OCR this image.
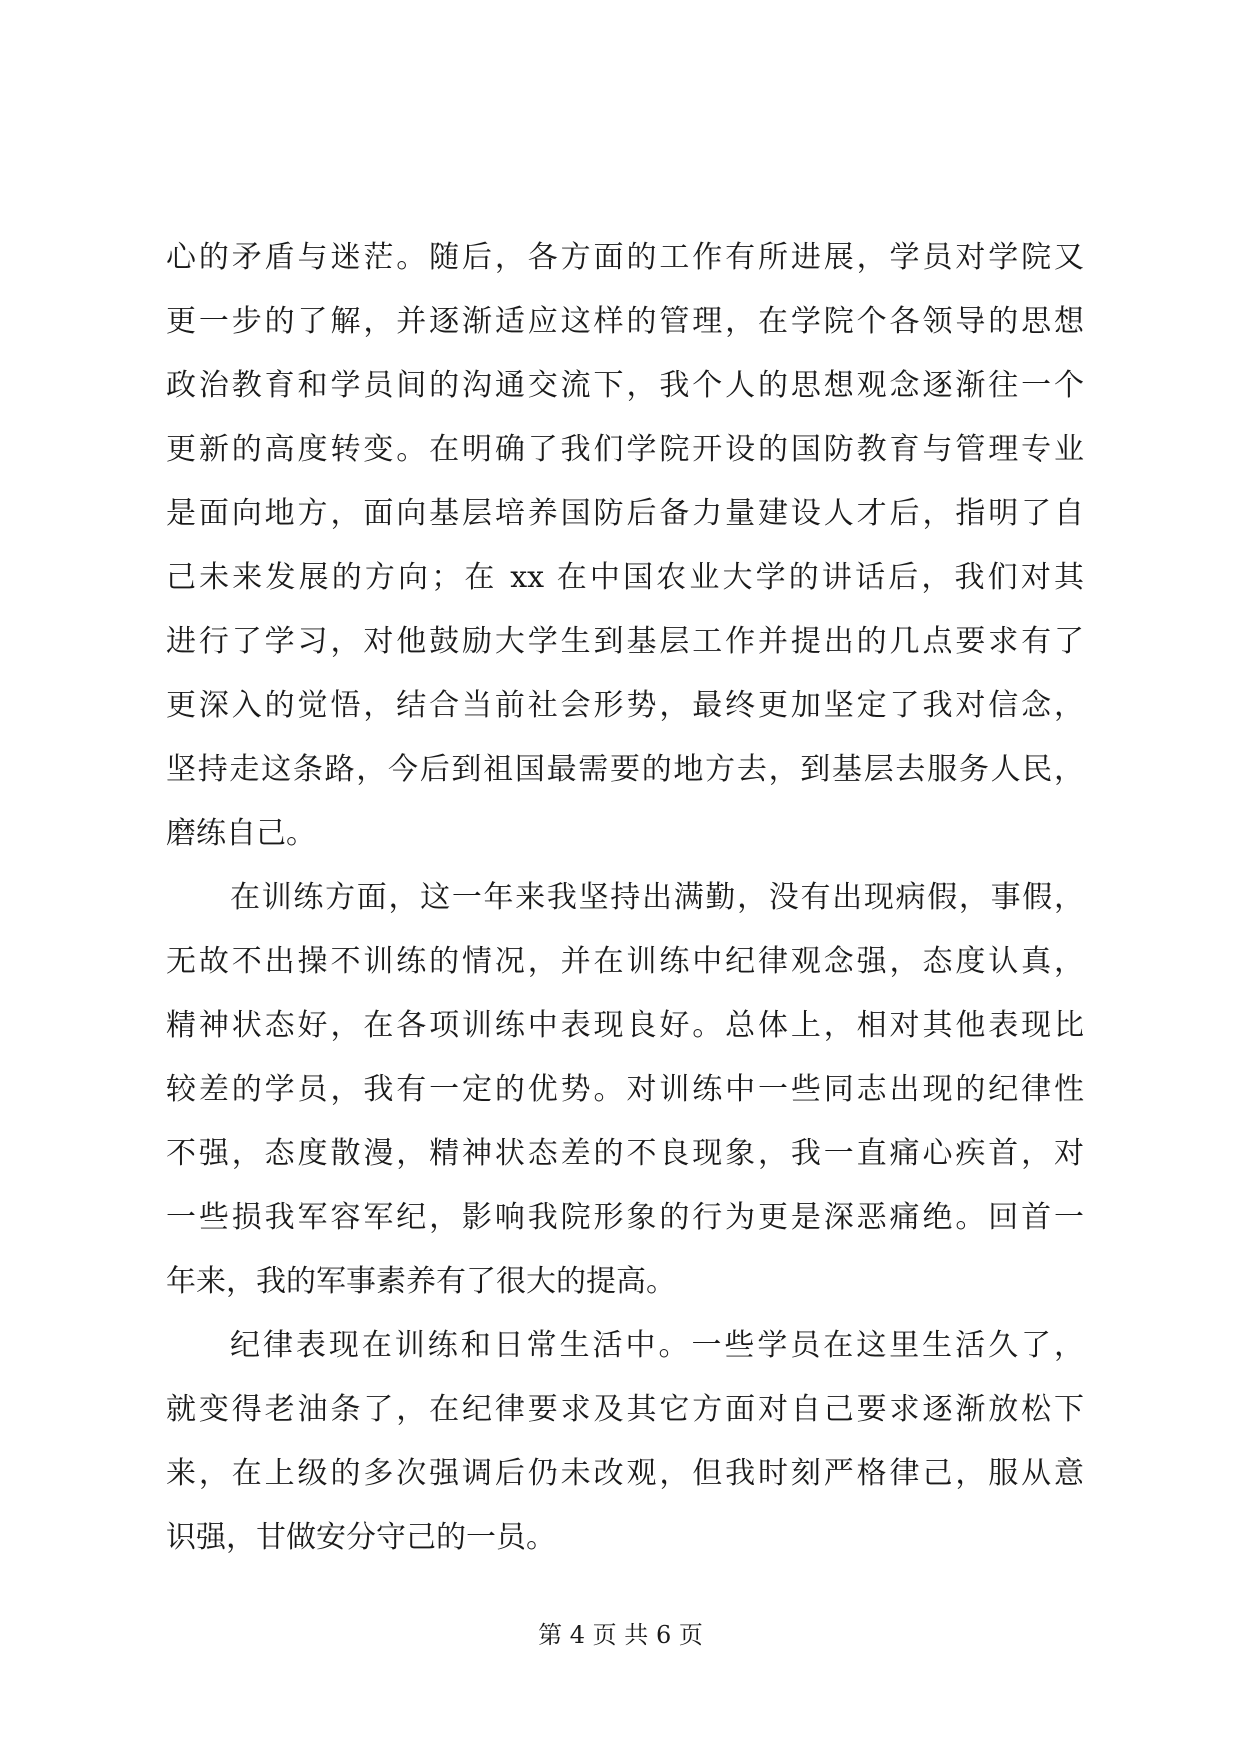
心的矛盾与迷茫。随后，各方面的工作有所进展，学员对学院又
更一步的了解，并逐渐适应这样的管理，在学院个各领导的思想
政治教育和学员间的沟通交流下，我个人的思想观念逐渐往一个
更新的高度转变。在明确了我们学院开设的国防教育与管理专业
是面向地方，面向基层培养国防后备力量建设人才后，指明了自
己未来发展的方向；在 xx 在中国农业大学的讲话后，我们对其
进行了学习，对他鼓励大学生到基层工作并提出的几点要求有了
更深入的觉悟，结合当前社会形势，最终更加坚定了我对信念，
坚持走这条路，今后到祖国最需要的地方去，到基层去服务人民，
磨练自己。
在训练方面，这一年来我坚持出满勤，没有出现病假，事假，
无故不出操不训练的情况，并在训练中纪律观念强，态度认真，
精神状态好，在各项训练中表现良好。总体上，相对其他表现比
较差的学员，我有一定的优势。对训练中一些同志出现的纪律性
不强，态度散漫，精神状态差的不良现象，我一直痛心疾首，对
一些损我军容军纪，影响我院形象的行为更是深恶痛绝。回首一
年来，我的军事素养有了很大的提高。
纪律表现在训练和日常生活中。一些学员在这里生活久了，
就变得老油条了，在纪律要求及其它方面对自己要求逐渐放松下
来，在上级的多次强调后仍未改观，但我时刻严格律己，服从意
识强，甘做安分守己的一员。
第 4 页 共 6 页
